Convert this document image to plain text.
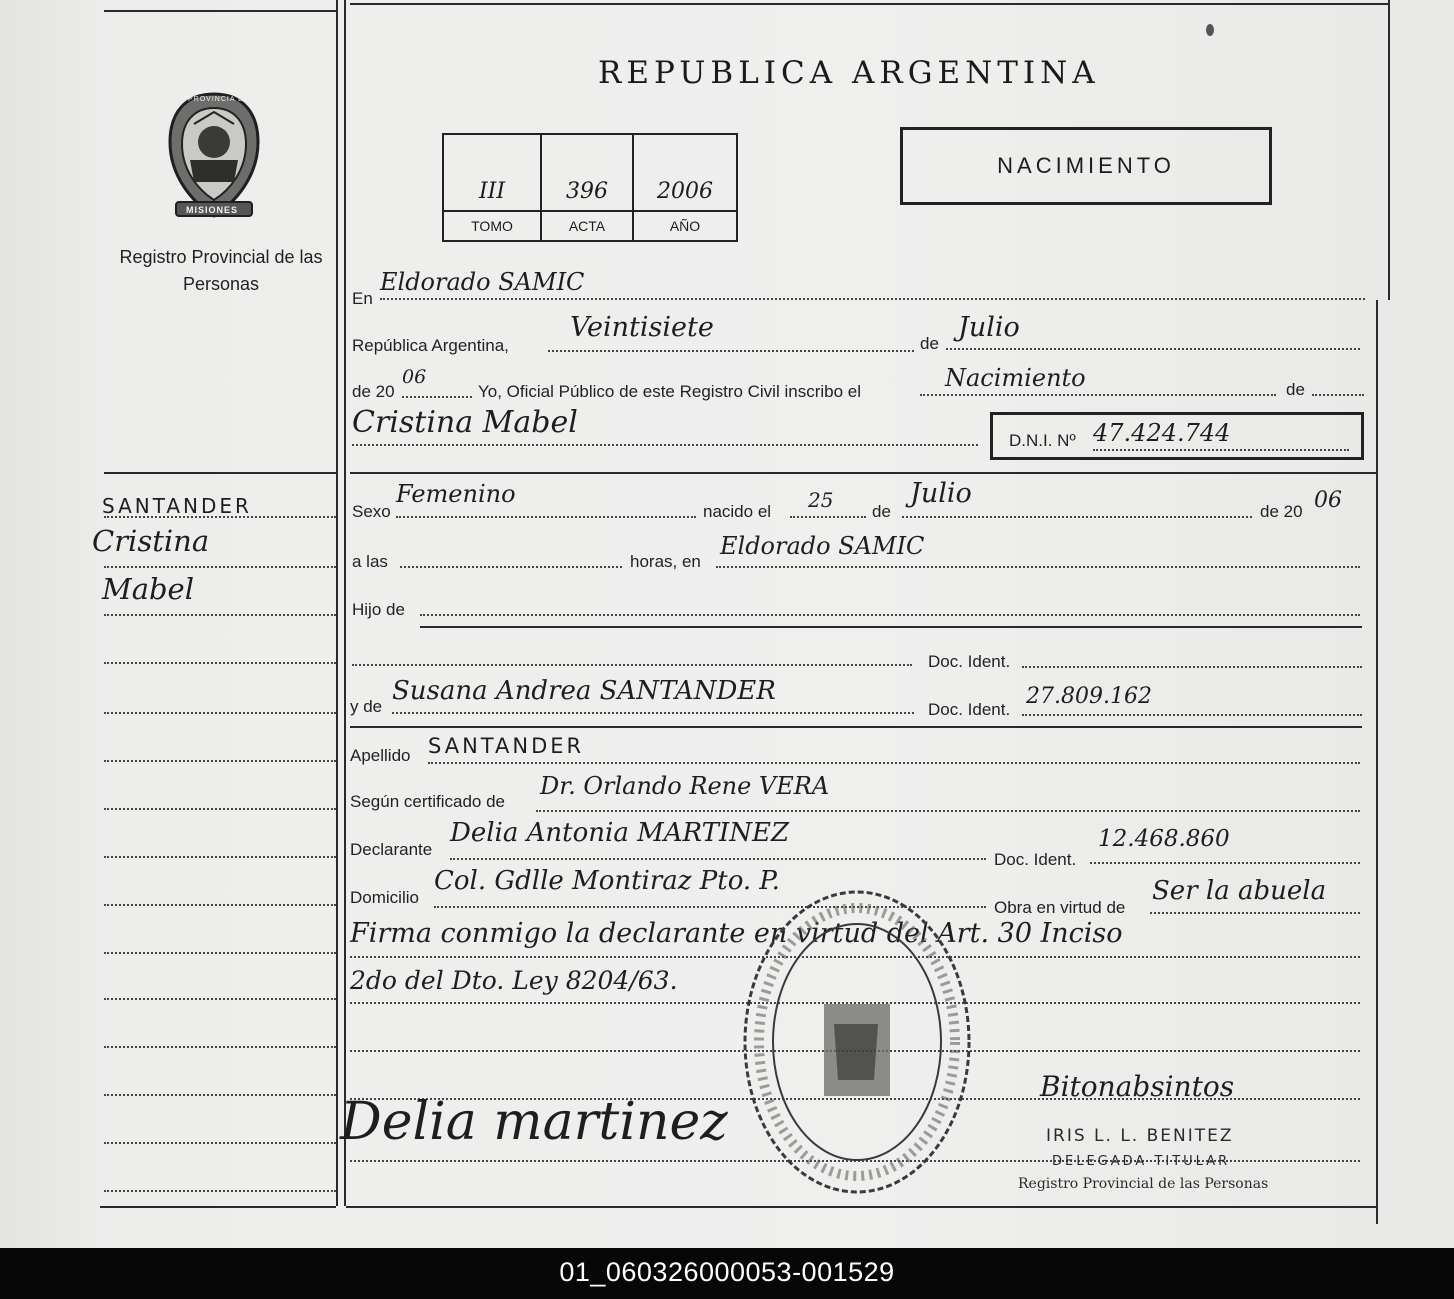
PROVINCIA DE
MISIONES
Registro Provincial de las Personas
REPUBLICA ARGENTINA
III	396	2006
TOMO	ACTA	AÑO
NACIMIENTO
En
Eldorado SAMIC
República Argentina,
Veintisiete
de
Julio
de 20
06
Yo, Oficial Público de este Registro Civil inscribo el	Nacimiento	de
Cristina Mabel
D.N.I. Nº 47.424.744
Sexo
Femenino
nacido el 25 de
Julio
de 20 06
a las	horas, en
Eldorado SAMIC
Hijo de
Doc. Ident.
y de
Susana Andrea SANTANDER
Doc. Ident.
27.809.162
Apellido SANTANDER
Según certificado de
Dr. Orlando Rene VERA
Declarante
Delia Antonia MARTINEZ
Doc. Ident.
12.468.860
Domicilio
Col. Gdlle Montiraz Pto. P.
Obra en virtud de
Ser la abuela
Firma conmigo la declarante en virtud del Art. 30 Inciso
2do del Dto. Ley 8204/63.
SANTANDER
Cristina
Mabel
Delia martinez
Bitonabsintos
IRIS L. L. BENITEZ
DELEGADA TITULAR
Registro Provincial de las Personas
01_060326000053-001529
